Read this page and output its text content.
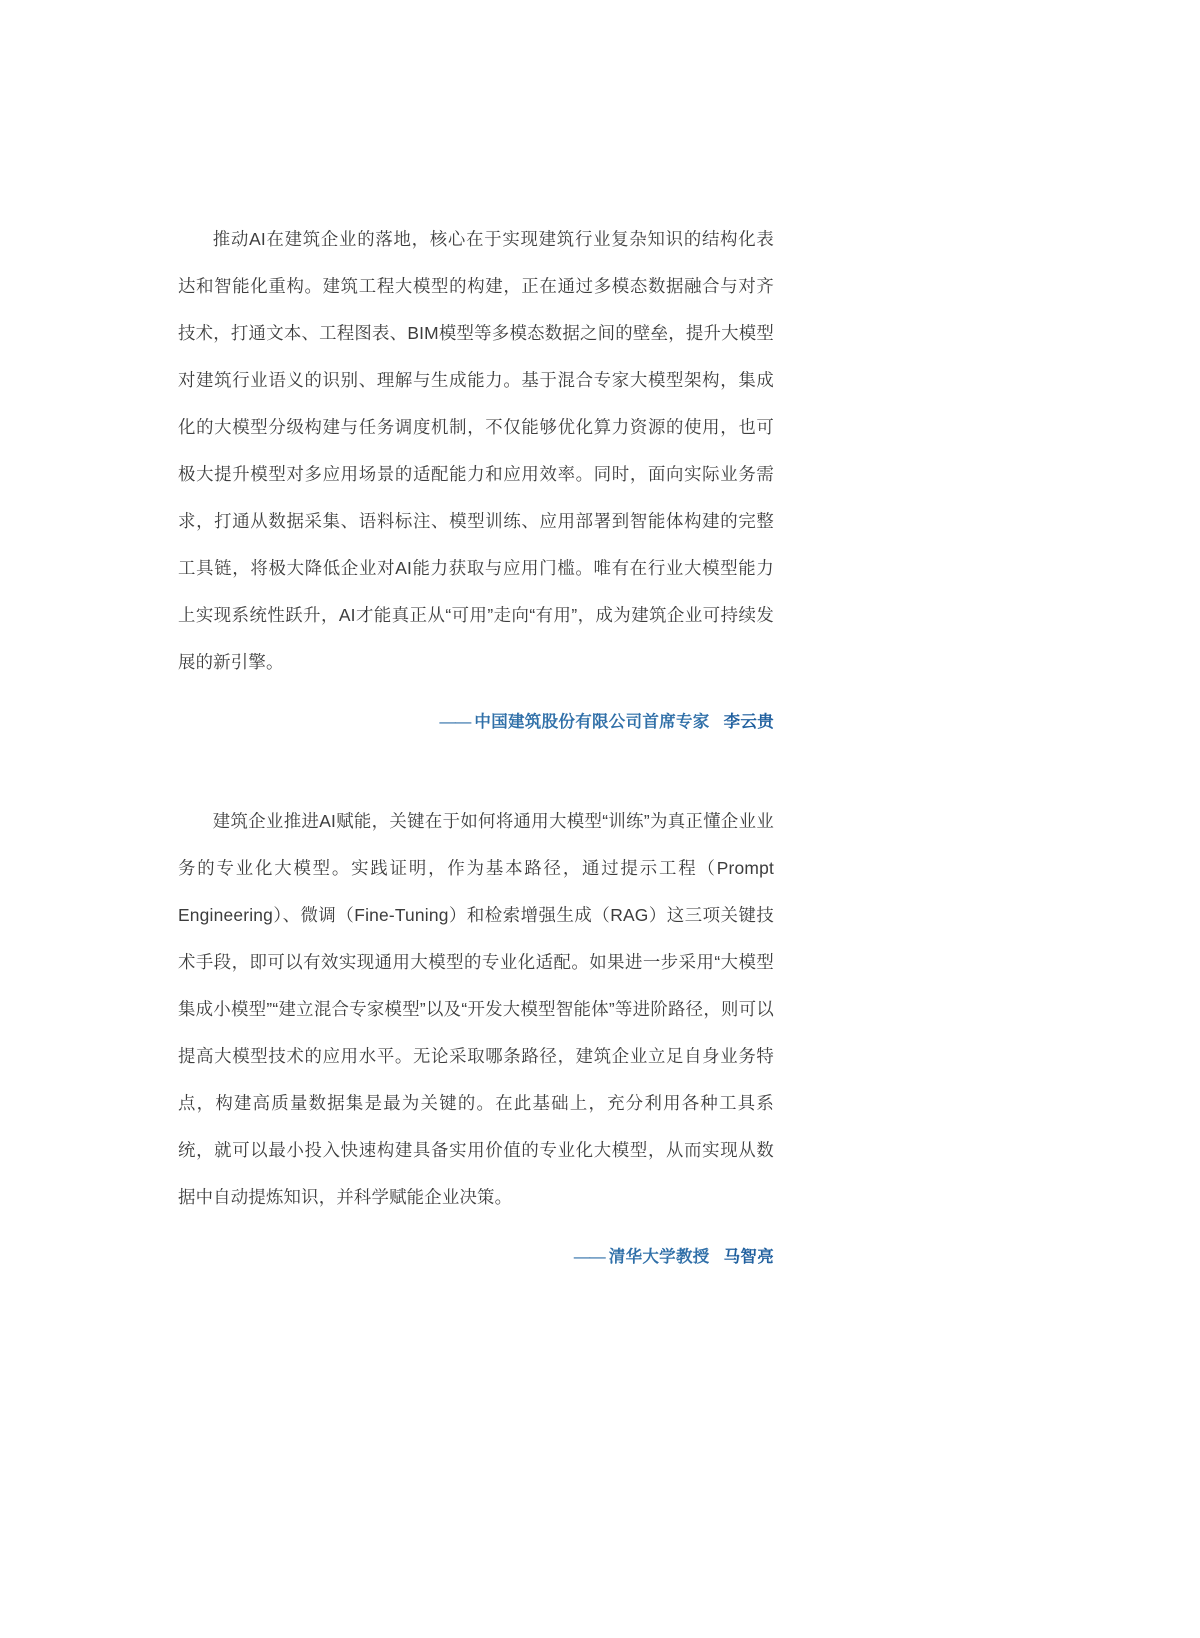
推动AI在建筑企业的落地，核心在于实现建筑行业复杂知识的结构化表达和智能化重构。建筑工程大模型的构建，正在通过多模态数据融合与对齐技术，打通文本、工程图表、BIM模型等多模态数据之间的壁垒，提升大模型对建筑行业语义的识别、理解与生成能力。基于混合专家大模型架构，集成化的大模型分级构建与任务调度机制，不仅能够优化算力资源的使用，也可极大提升模型对多应用场景的适配能力和应用效率。同时，面向实际业务需求，打通从数据采集、语料标注、模型训练、应用部署到智能体构建的完整工具链，将极大降低企业对AI能力获取与应用门槛。唯有在行业大模型能力上实现系统性跃升，AI才能真正从“可用”走向“有用”，成为建筑企业可持续发展的新引擎。

—— 中国建筑股份有限公司首席专家 李云贵

建筑企业推进AI赋能，关键在于如何将通用大模型“训练”为真正懂企业业务的专业化大模型。实践证明，作为基本路径，通过提示工程（Prompt Engineering）、微调（Fine-Tuning）和检索增强生成（RAG）这三项关键技术手段，即可以有效实现通用大模型的专业化适配。如果进一步采用“大模型集成小模型”“建立混合专家模型”以及“开发大模型智能体”等进阶路径，则可以提高大模型技术的应用水平。无论采取哪条路径，建筑企业立足自身业务特点，构建高质量数据集是最为关键的。在此基础上，充分利用各种工具系统，就可以最小投入快速构建具备实用价值的专业化大模型，从而实现从数据中自动提炼知识，并科学赋能企业决策。

—— 清华大学教授 马智亮
